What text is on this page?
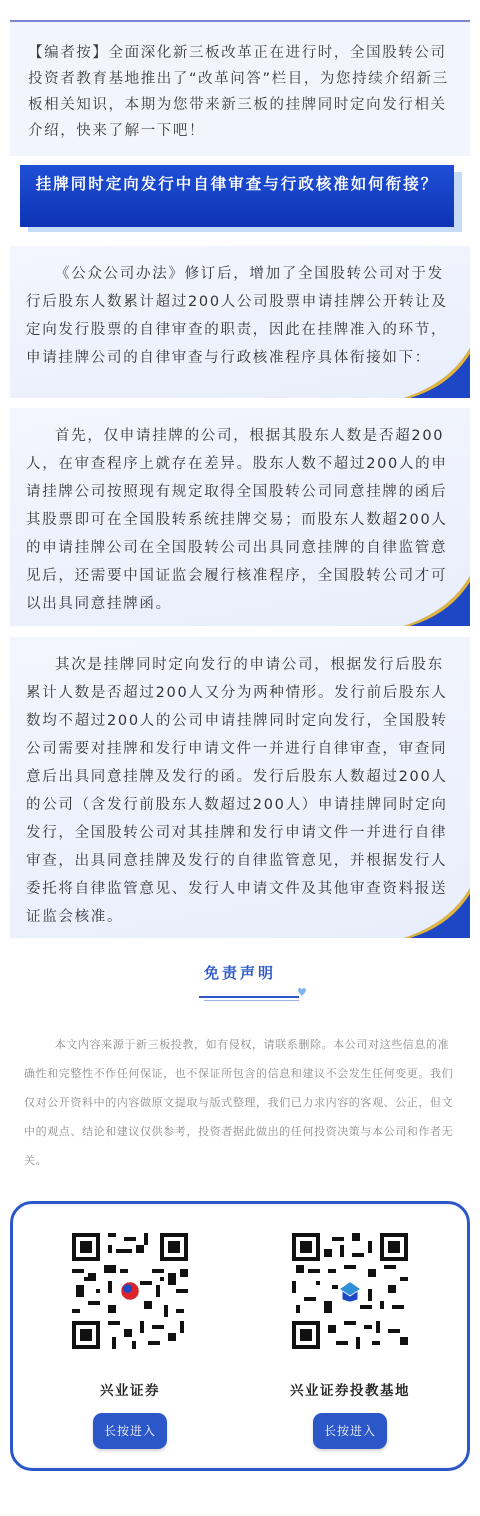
【编者按】全面深化新三板改革正在进行时，全国股转公司投资者教育基地推出了“改革问答”栏目，为您持续介绍新三板相关知识，本期为您带来新三板的挂牌同时定向发行相关介绍，快来了解一下吧！

挂牌同时定向发行中自律审查与行政核准如何衔接？

《公众公司办法》修订后，增加了全国股转公司对于发行后股东人数累计超过200人公司股票申请挂牌公开转让及定向发行股票的自律审查的职责，因此在挂牌准入的环节，申请挂牌公司的自律审查与行政核准程序具体衔接如下：

首先，仅申请挂牌的公司，根据其股东人数是否超200人，在审查程序上就存在差异。股东人数不超过200人的申请挂牌公司按照现有规定取得全国股转公司同意挂牌的函后其股票即可在全国股转系统挂牌交易；而股东人数超200人的申请挂牌公司在全国股转公司出具同意挂牌的自律监管意见后，还需要中国证监会履行核准程序，全国股转公司才可以出具同意挂牌函。

其次是挂牌同时定向发行的申请公司，根据发行后股东累计人数是否超过200人又分为两种情形。发行前后股东人数均不超过200人的公司申请挂牌同时定向发行，全国股转公司需要对挂牌和发行申请文件一并进行自律审查，审查同意后出具同意挂牌及发行的函。发行后股东人数超过200人的公司（含发行前股东人数超过200人）申请挂牌同时定向发行，全国股转公司对其挂牌和发行申请文件一并进行自律审查，出具同意挂牌及发行的自律监管意见，并根据发行人委托将自律监管意见、发行人申请文件及其他审查资料报送证监会核准。

免责声明
♥

本文内容来源于新三板投教，如有侵权，请联系删除。本公司对这些信息的准确性和完整性不作任何保证，也不保证所包含的信息和建议不会发生任何变更。我们仅对公开资料中的内容做原文提取与版式整理，我们已力求内容的客观、公正，但文中的观点、结论和建议仅供参考，投资者据此做出的任何投资决策与本公司和作者无关。

兴业证券
长按进入
兴业证券投教基地
长按进入
